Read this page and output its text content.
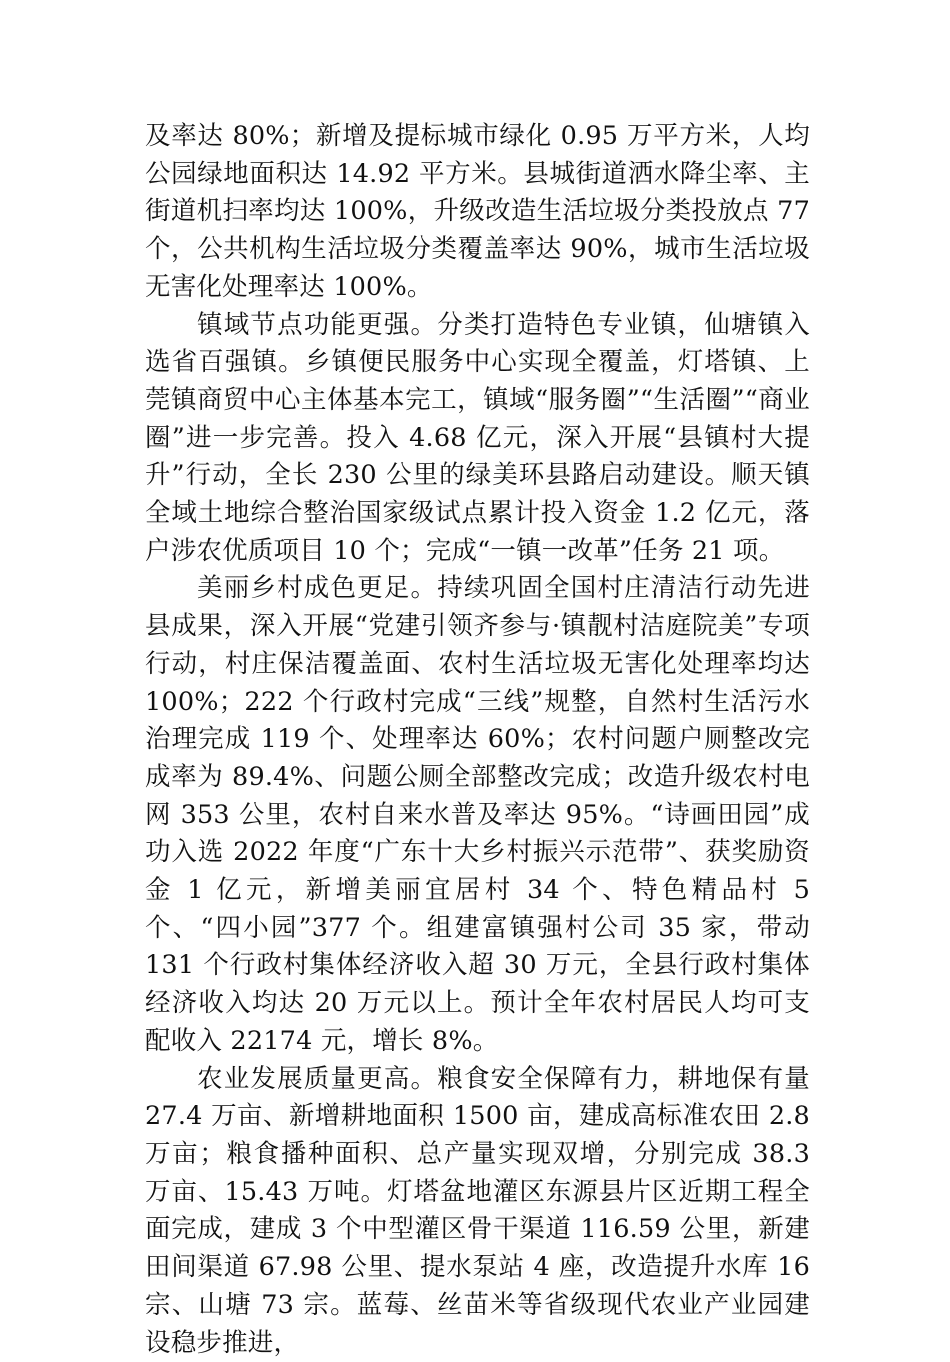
及率达 80%；新增及提标城市绿化 0.95 万平方米，人均公园绿地面积达 14.92 平方米。县城街道洒水降尘率、主街道机扫率均达 100%，升级改造生活垃圾分类投放点 77 个，公共机构生活垃圾分类覆盖率达 90%，城市生活垃圾无害化处理率达 100%。

镇域节点功能更强。分类打造特色专业镇，仙塘镇入选省百强镇。乡镇便民服务中心实现全覆盖，灯塔镇、上莞镇商贸中心主体基本完工，镇域“服务圈”“生活圈”“商业圈”进一步完善。投入 4.68 亿元，深入开展“县镇村大提升”行动，全长 230 公里的绿美环县路启动建设。顺天镇全域土地综合整治国家级试点累计投入资金 1.2 亿元，落户涉农优质项目 10 个；完成“一镇一改革”任务 21 项。

美丽乡村成色更足。持续巩固全国村庄清洁行动先进县成果，深入开展“党建引领齐参与·镇靓村洁庭院美”专项行动，村庄保洁覆盖面、农村生活垃圾无害化处理率均达 100%；222 个行政村完成“三线”规整，自然村生活污水治理完成 119 个、处理率达 60%；农村问题户厕整改完成率为 89.4%、问题公厕全部整改完成；改造升级农村电网 353 公里，农村自来水普及率达 95%。“诗画田园”成功入选 2022 年度“广东十大乡村振兴示范带”、获奖励资金 1 亿元，新增美丽宜居村 34 个、特色精品村 5 个、“四小园”377 个。组建富镇强村公司 35 家，带动 131 个行政村集体经济收入超 30 万元，全县行政村集体经济收入均达 20 万元以上。预计全年农村居民人均可支配收入 22174 元，增长 8%。

农业发展质量更高。粮食安全保障有力，耕地保有量 27.4 万亩、新增耕地面积 1500 亩，建成高标准农田 2.8 万亩；粮食播种面积、总产量实现双增，分别完成 38.3 万亩、15.43 万吨。灯塔盆地灌区东源县片区近期工程全面完成，建成 3 个中型灌区骨干渠道 116.59 公里，新建田间渠道 67.98 公里、提水泵站 4 座，改造提升水库 16 宗、山塘 73 宗。蓝莓、丝苗米等省级现代农业产业园建设稳步推进，
